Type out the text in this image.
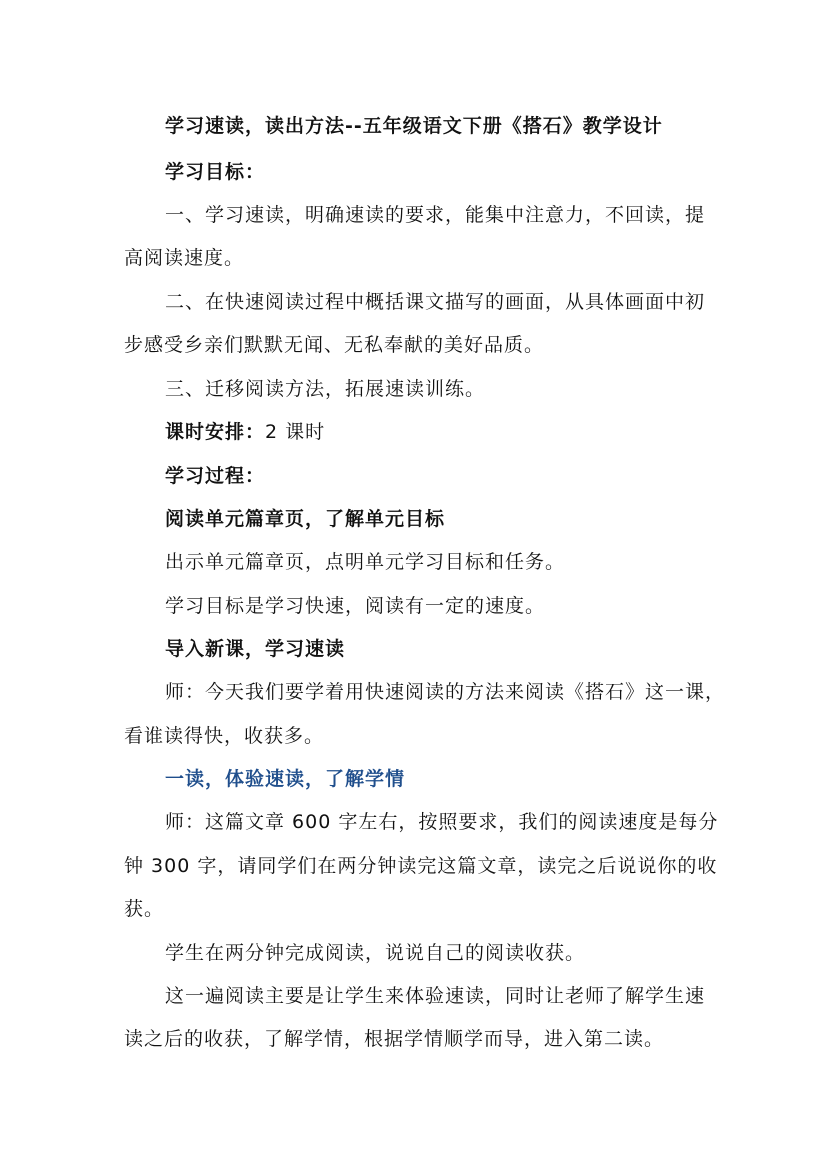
学习速读，读出方法--五年级语文下册《搭石》教学设计
学习目标：
一、学习速读，明确速读的要求，能集中注意力，不回读，提
高阅读速度。
二、在快速阅读过程中概括课文描写的画面，从具体画面中初
步感受乡亲们默默无闻、无私奉献的美好品质。
三、迁移阅读方法，拓展速读训练。
课时安排：2 课时
学习过程：
阅读单元篇章页，了解单元目标
出示单元篇章页，点明单元学习目标和任务。
学习目标是学习快速，阅读有一定的速度。
导入新课，学习速读
师：今天我们要学着用快速阅读的方法来阅读《搭石》这一课，
看谁读得快，收获多。
一读，体验速读，了解学情
师：这篇文章 600 字左右，按照要求，我们的阅读速度是每分
钟 300 字，请同学们在两分钟读完这篇文章，读完之后说说你的收
获。
学生在两分钟完成阅读，说说自己的阅读收获。
这一遍阅读主要是让学生来体验速读，同时让老师了解学生速
读之后的收获，了解学情，根据学情顺学而导，进入第二读。
